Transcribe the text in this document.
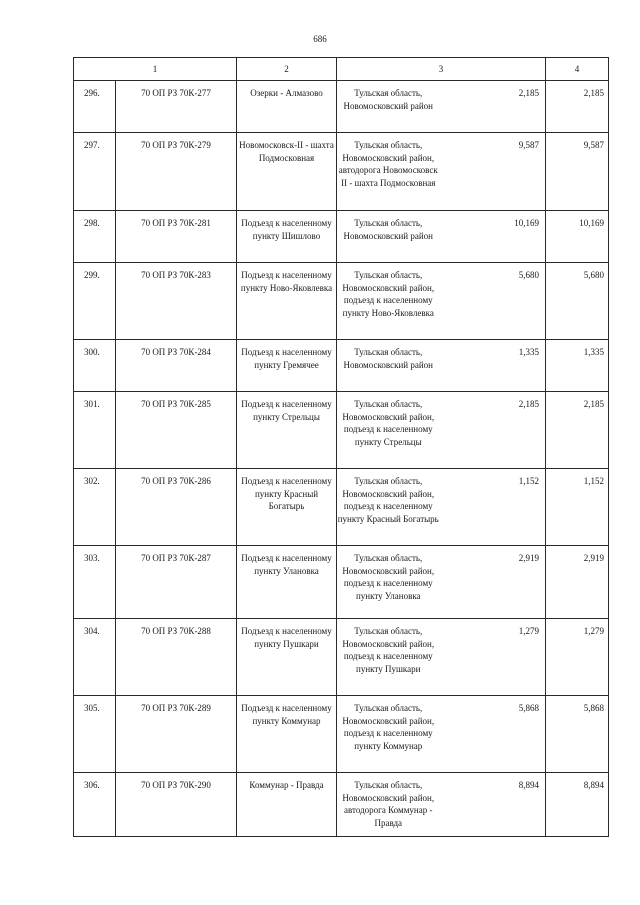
686
1		2	3		4
296.	70 ОП РЗ 70К-277	Озерки - Алмазово	Тульская область, Новомосковский район	2,185	2,185
297.	70 ОП РЗ 70К-279	Новомосковск-II - шахта Подмосковная	Тульская область, Новомосковский район, автодорога Новомосковск II - шахта Подмосковная	9,587	9,587
298.	70 ОП РЗ 70К-281	Подъезд к населенному пункту Шишлово	Тульская область, Новомосковский район	10,169	10,169
299.	70 ОП РЗ 70К-283	Подъезд к населенному пункту Ново-Яковлевка	Тульская область, Новомосковский район, подъезд к населенному пункту Ново-Яковлевка	5,680	5,680
300.	70 ОП РЗ 70К-284	Подъезд к населенному пункту Гремячее	Тульская область, Новомосковский район	1,335	1,335
301.	70 ОП РЗ 70К-285	Подъезд к населенному пункту Стрельцы	Тульская область, Новомосковский район, подъезд к населенному пункту Стрельцы	2,185	2,185
302.	70 ОП РЗ 70К-286	Подъезд к населенному пункту Красный Богатырь	Тульская область, Новомосковский район, подъезд к населенному пункту Красный Богатырь	1,152	1,152
303.	70 ОП РЗ 70К-287	Подъезд к населенному пункту Улановка	Тульская область, Новомосковский район, подъезд к населенному пункту Улановка	2,919	2,919
304.	70 ОП РЗ 70К-288	Подъезд к населенному пункту Пушкари	Тульская область, Новомосковский район, подъезд к населенному пункту Пушкари	1,279	1,279
305.	70 ОП РЗ 70К-289	Подъезд к населенному пункту Коммунар	Тульская область, Новомосковский район, подъезд к населенному пункту Коммунар	5,868	5,868
306.	70 ОП РЗ 70К-290	Коммунар - Правда	Тульская область, Новомосковский район, автодорога Коммунар - Правда	8,894	8,894
